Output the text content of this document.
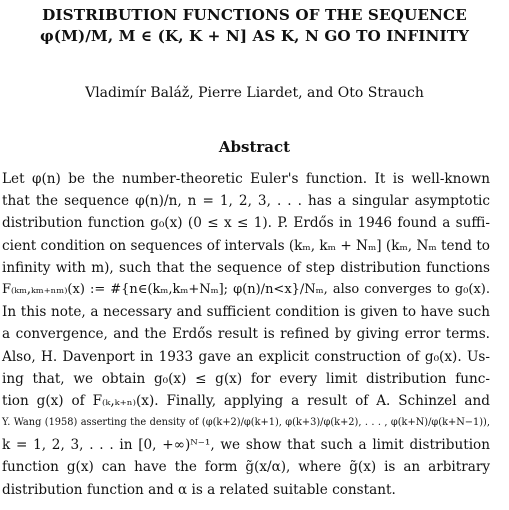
DISTRIBUTION FUNCTIONS OF THE SEQUENCE
φ(M)/M, M ∈ (K, K + N] AS K, N GO TO INFINITY
Vladimír Baláž, Pierre Liardet, and Oto Strauch
Abstract
Let φ(n) be the number-theoretic Euler's function. It is well-known
that the sequence φ(n)/n, n = 1, 2, 3, . . . has a singular asymptotic
distribution function g₀(x) (0 ≤ x ≤ 1). P. Erdős in 1946 found a suffi-
cient condition on sequences of intervals (kₘ, kₘ + Nₘ] (kₘ, Nₘ tend to
infinity with m), such that the sequence of step distribution functions
F₍ₖₘ,ₖₘ₊ₙₘ₎(x) := #{n∈(kₘ,kₘ+Nₘ]; φ(n)/n<x}/Nₘ, also converges to g₀(x).
In this note, a necessary and sufficient condition is given to have such
a convergence, and the Erdős result is refined by giving error terms.
Also, H. Davenport in 1933 gave an explicit construction of g₀(x). Us-
ing that, we obtain g₀(x) ≤ g(x) for every limit distribution func-
tion g(x) of F₍ₖ,ₖ₊ₙ₎(x). Finally, applying a result of A. Schinzel and
Y. Wang (1958) asserting the density of (φ(k+2)/φ(k+1), φ(k+3)/φ(k+2), . . . , φ(k+N)/φ(k+N−1)),
k = 1, 2, 3, . . . in [0, +∞)ᴺ⁻¹, we show that such a limit distribution
function g(x) can have the form g̃(x/α), where g̃(x) is an arbitrary
distribution function and α is a related suitable constant.
